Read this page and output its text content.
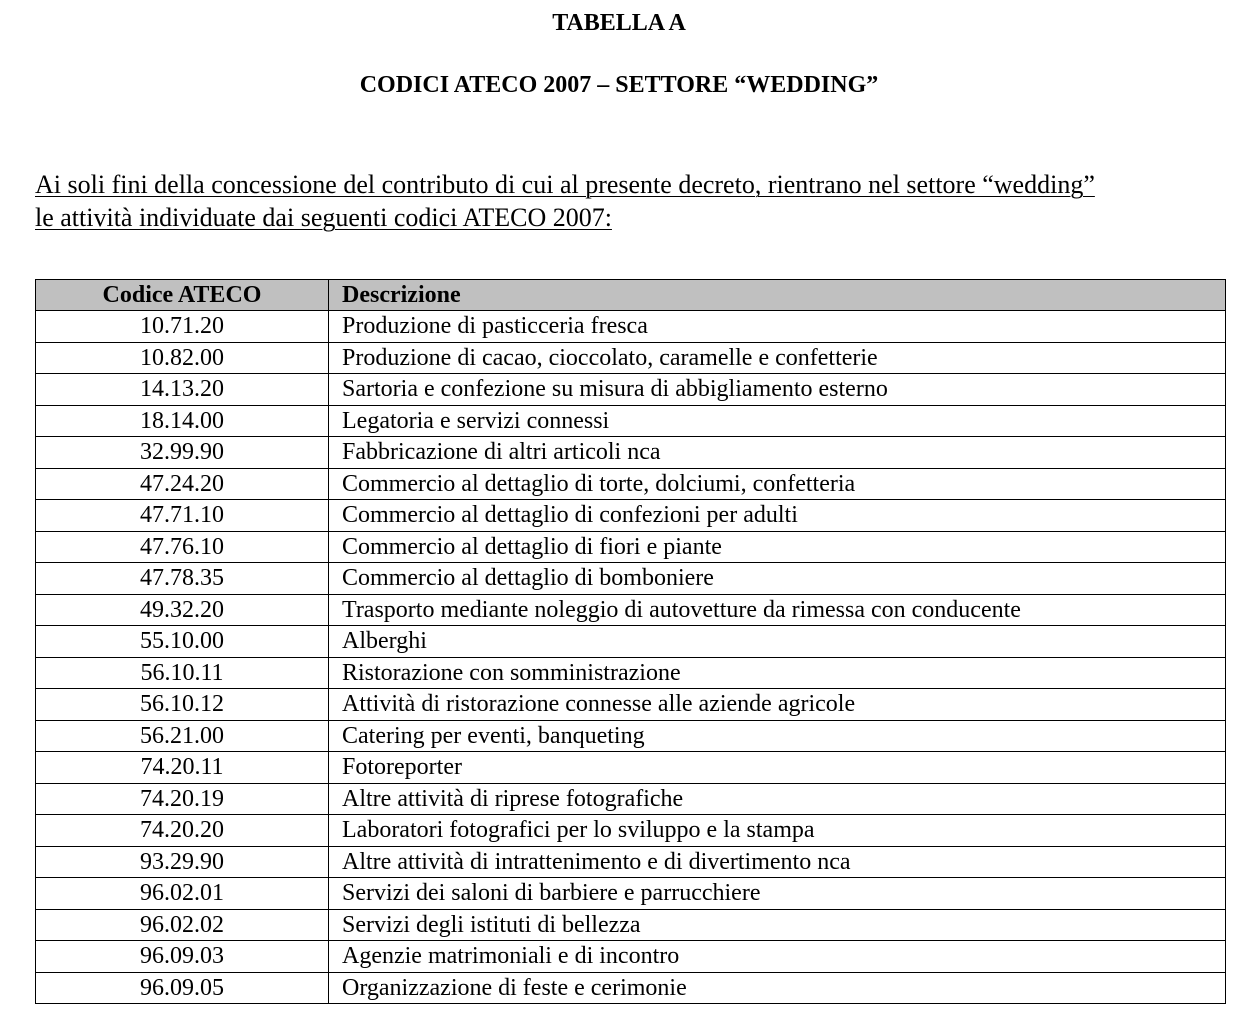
TABELLA A
CODICI ATECO 2007 – SETTORE “WEDDING”

Ai soli fini della concessione del contributo di cui al presente decreto, rientrano nel settore “wedding”
le attività individuate dai seguenti codici ATECO 2007:

Codice ATECO	Descrizione
10.71.20	Produzione di pasticceria fresca
10.82.00	Produzione di cacao, cioccolato, caramelle e confetterie
14.13.20	Sartoria e confezione su misura di abbigliamento esterno
18.14.00	Legatoria e servizi connessi
32.99.90	Fabbricazione di altri articoli nca
47.24.20	Commercio al dettaglio di torte, dolciumi, confetteria
47.71.10	Commercio al dettaglio di confezioni per adulti
47.76.10	Commercio al dettaglio di fiori e piante
47.78.35	Commercio al dettaglio di bomboniere
49.32.20	Trasporto mediante noleggio di autovetture da rimessa con conducente
55.10.00	Alberghi
56.10.11	Ristorazione con somministrazione
56.10.12	Attività di ristorazione connesse alle aziende agricole
56.21.00	Catering per eventi, banqueting
74.20.11	Fotoreporter
74.20.19	Altre attività di riprese fotografiche
74.20.20	Laboratori fotografici per lo sviluppo e la stampa
93.29.90	Altre attività di intrattenimento e di divertimento nca
96.02.01	Servizi dei saloni di barbiere e parrucchiere
96.02.02	Servizi degli istituti di bellezza
96.09.03	Agenzie matrimoniali e di incontro
96.09.05	Organizzazione di feste e cerimonie
